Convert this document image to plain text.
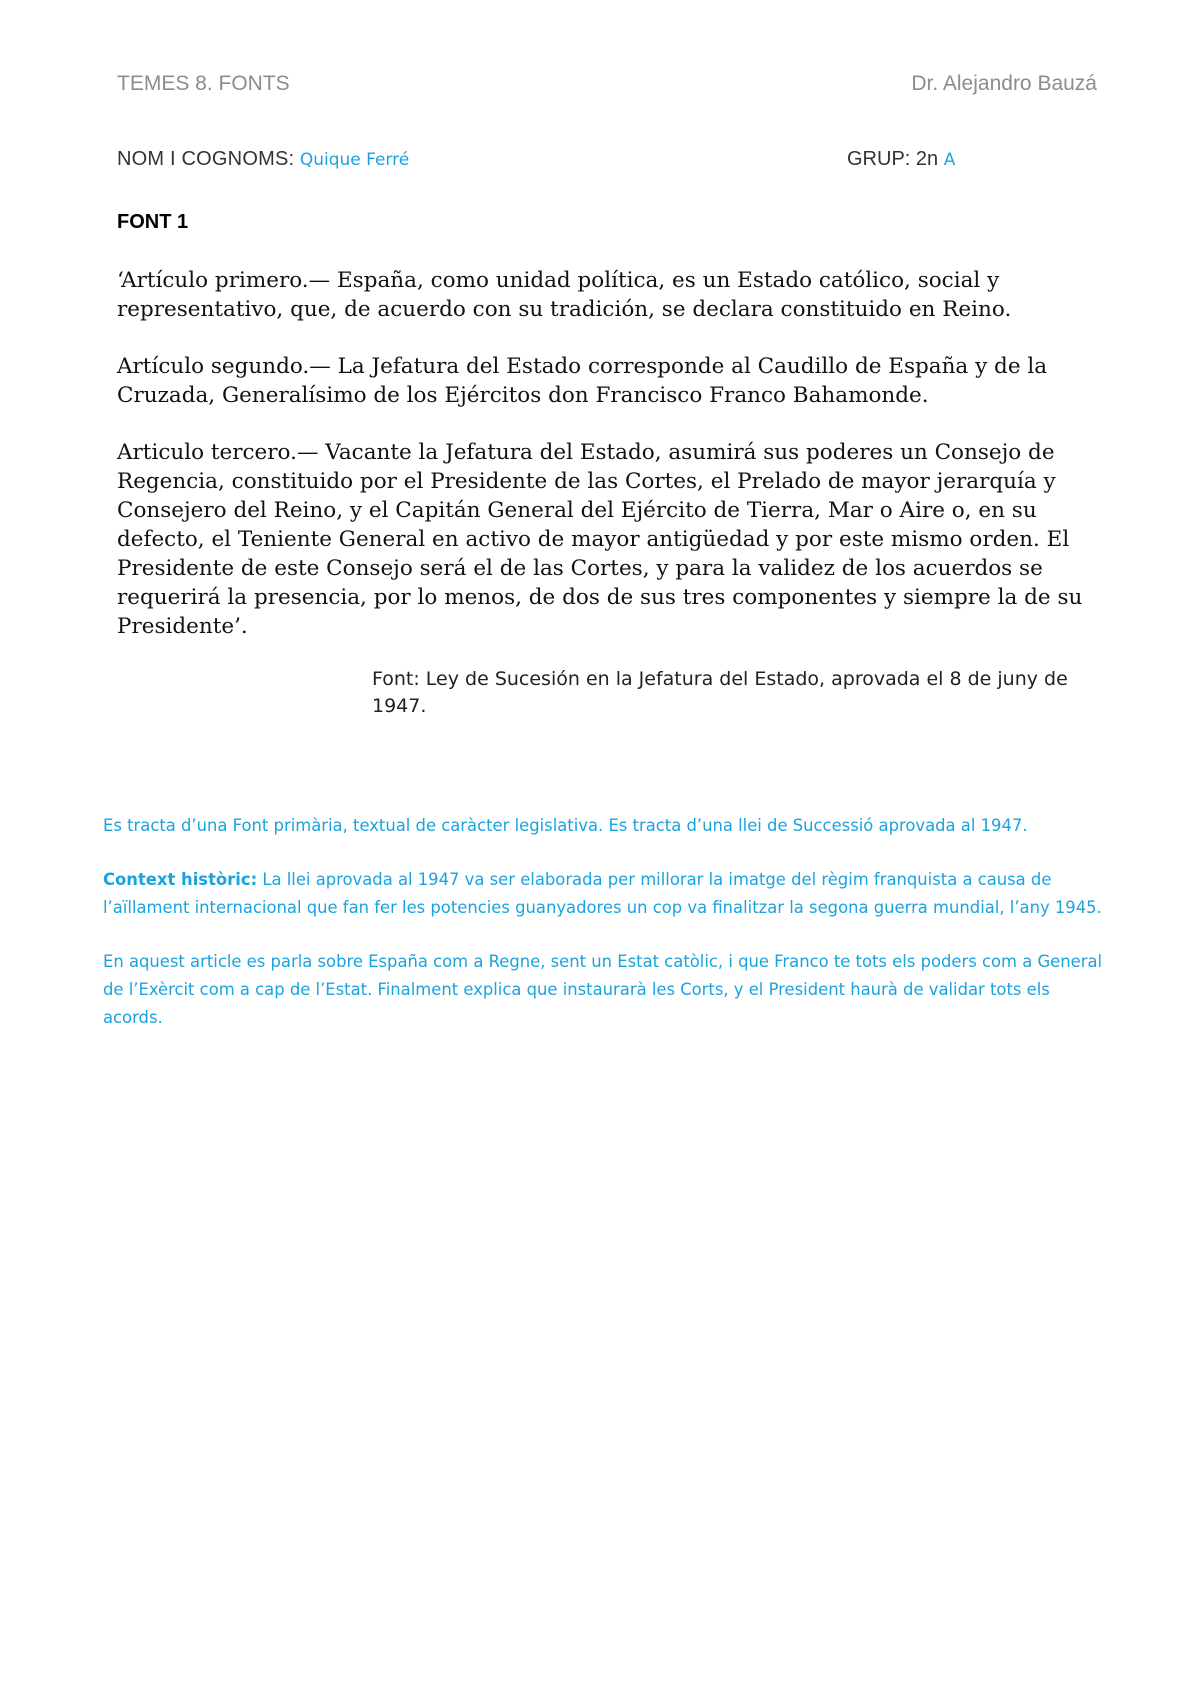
TEMES 8. FONTS	Dr. Alejandro Bauzá
NOM I COGNOMS: Quique Ferré	GRUP: 2n A
FONT 1

‘Artículo primero.— España, como unidad política, es un Estado católico, social y representativo, que, de acuerdo con su tradición, se declara constituido en Reino.

Artículo segundo.— La Jefatura del Estado corresponde al Caudillo de España y de la Cruzada, Generalísimo de los Ejércitos don Francisco Franco Bahamonde.

Articulo tercero.— Vacante la Jefatura del Estado, asumirá sus poderes un Consejo de Regencia, constituido por el Presidente de las Cortes, el Prelado de mayor jerarquía y Consejero del Reino, y el Capitán General del Ejército de Tierra, Mar o Aire o, en su defecto, el Teniente General en activo de mayor antigüedad y por este mismo orden. El Presidente de este Consejo será el de las Cortes, y para la validez de los acuerdos se requerirá la presencia, por lo menos, de dos de sus tres componentes y siempre la de su Presidente’.

Font: Ley de Sucesión en la Jefatura del Estado, aprovada el 8 de juny de 1947.

Es tracta d’una Font primària, textual de caràcter legislativa. Es tracta d’una llei de Successió aprovada al 1947.

Context històric: La llei aprovada al 1947 va ser elaborada per millorar la imatge del règim franquista a causa de l’aïllament internacional que fan fer les potencies guanyadores un cop va finalitzar la segona guerra mundial, l’any 1945.

En aquest article es parla sobre España com a Regne, sent un Estat catòlic, i que Franco te tots els poders com a General de l’Exèrcit com a cap de l’Estat. Finalment explica que instaurarà les Corts, y el President haurà de validar tots els acords.
